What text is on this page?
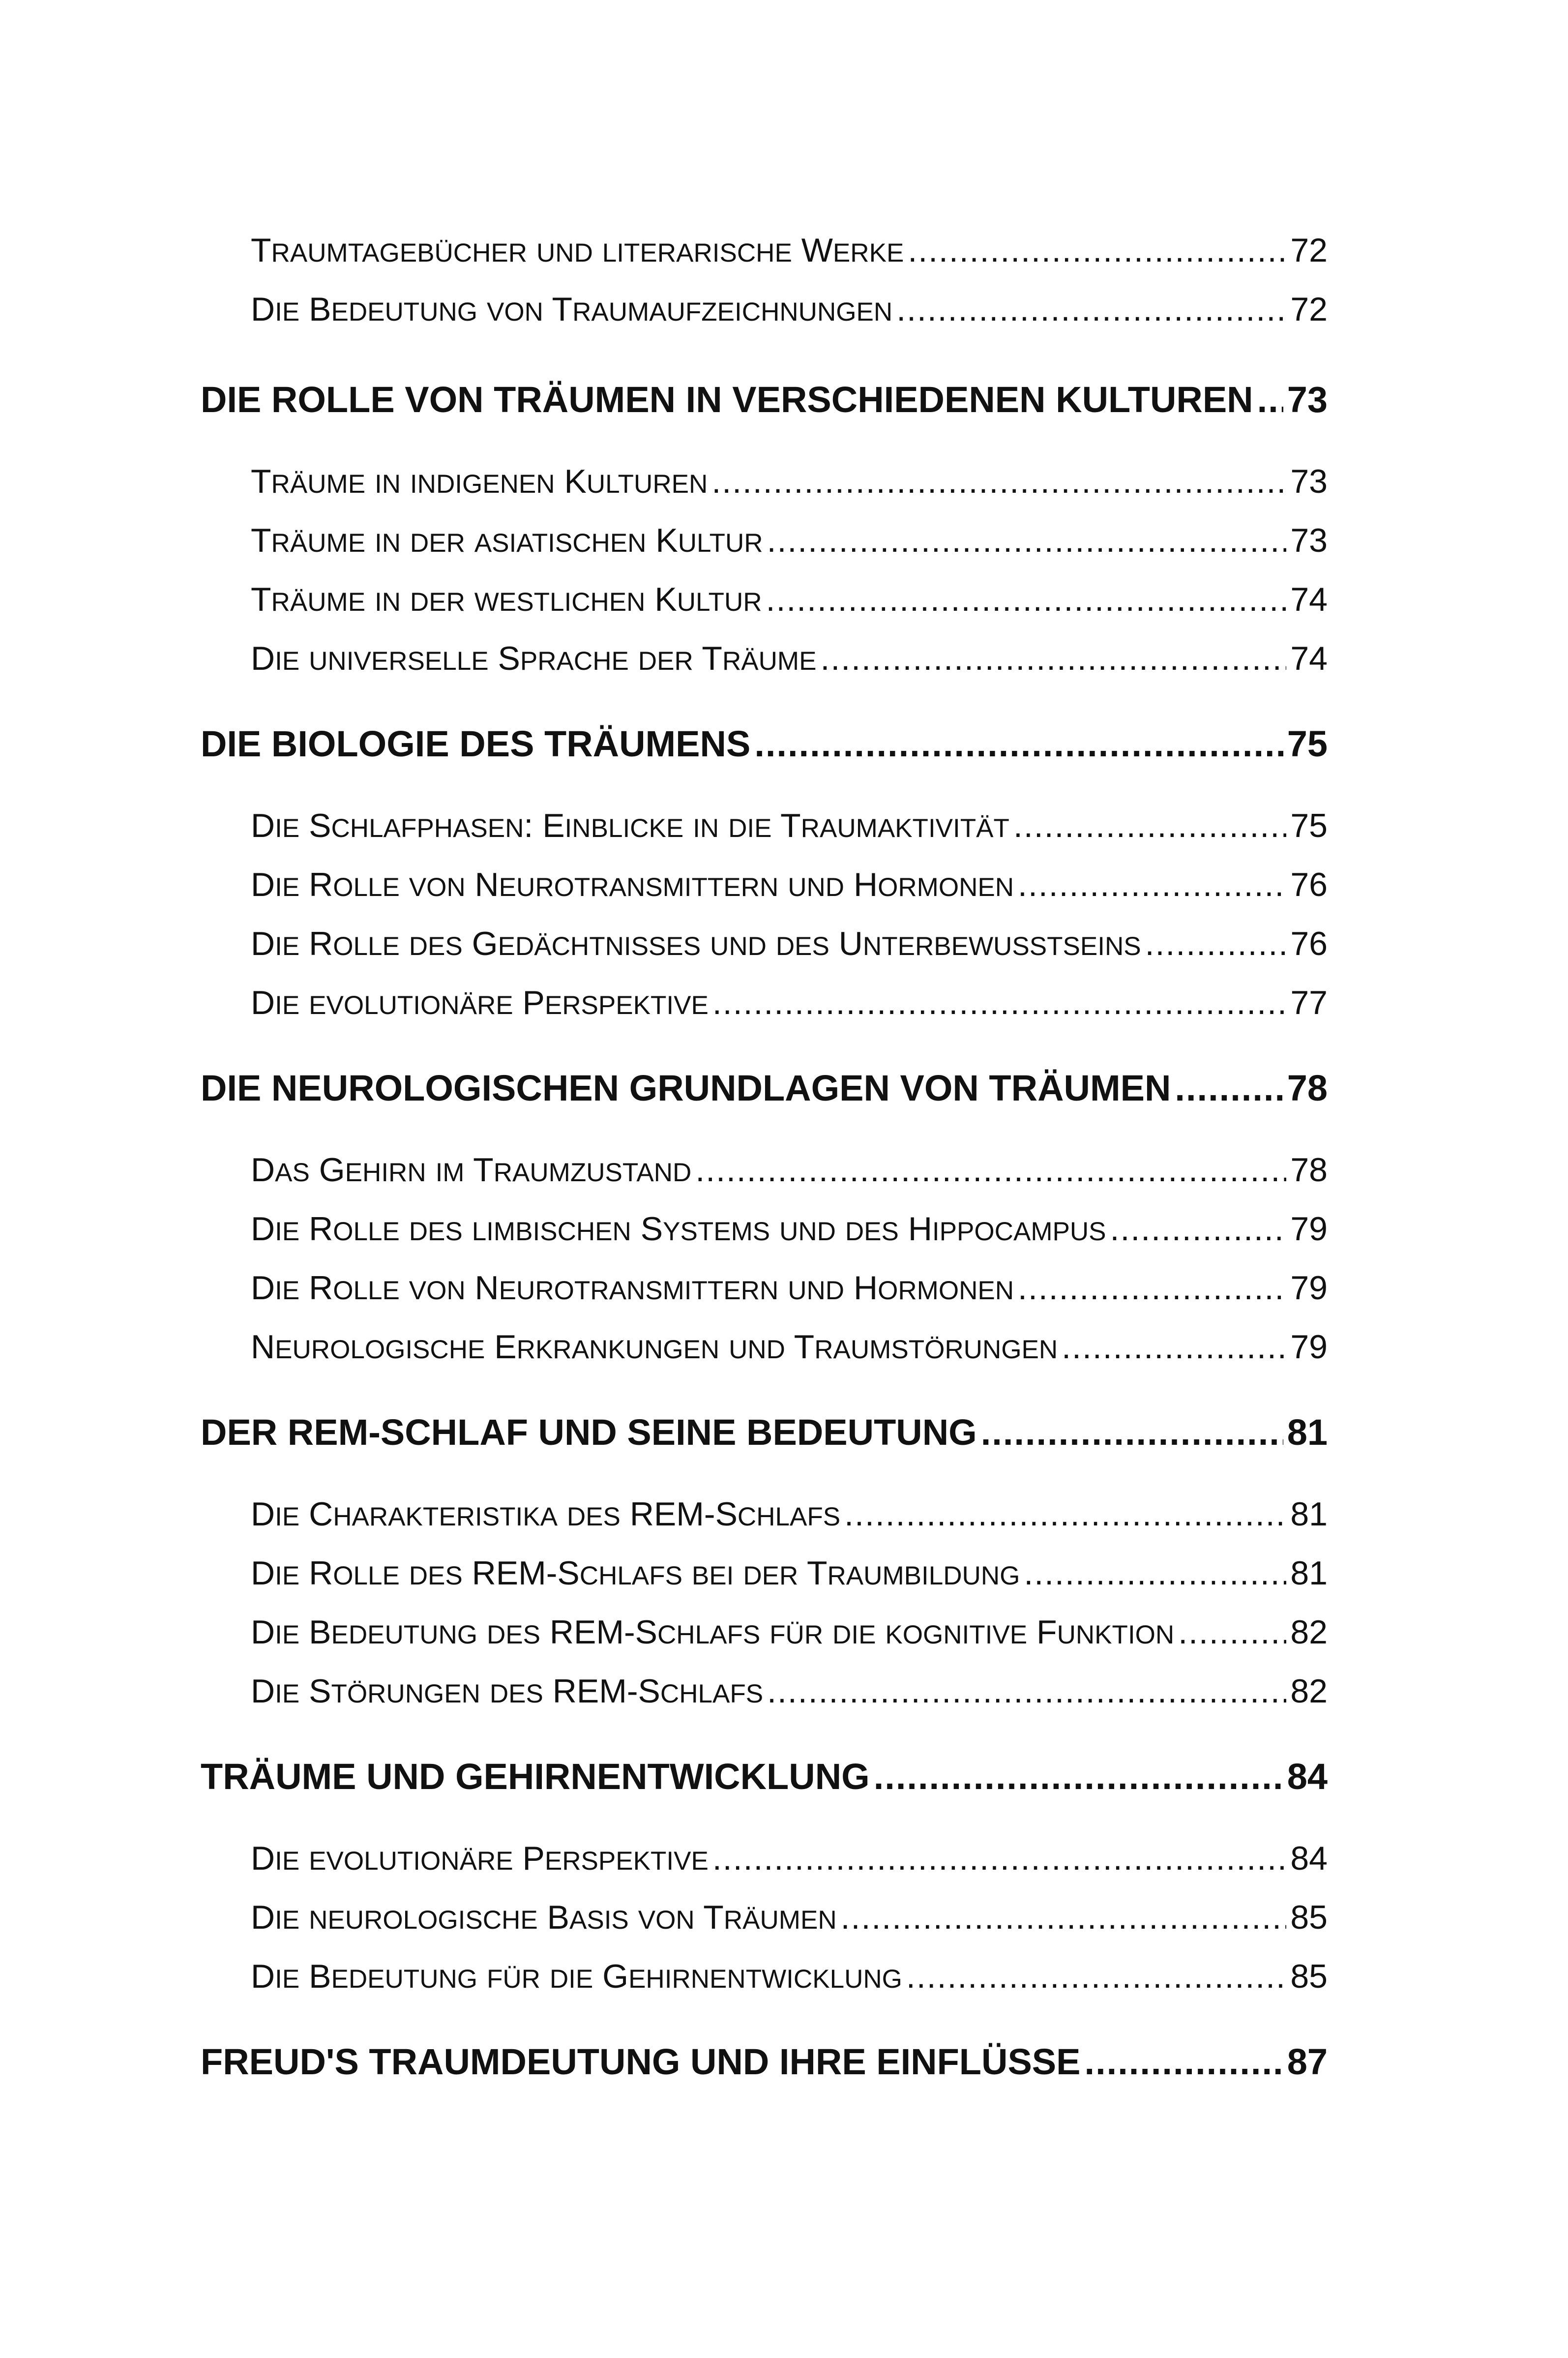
TRAUMTAGEBÜCHER UND LITERARISCHE WERKE .....	72
DIE BEDEUTUNG VON TRAUMAUFZEICHNUNGEN .....	72
DIE ROLLE VON TRÄUMEN IN VERSCHIEDENEN KULTUREN ..... 73
TRÄUME IN INDIGENEN KULTUREN .....	73
TRÄUME IN DER ASIATISCHEN KULTUR .....	73
TRÄUME IN DER WESTLICHEN KULTUR .....	74
DIE UNIVERSELLE SPRACHE DER TRÄUME .....	74
DIE BIOLOGIE DES TRÄUMENS .....	75
DIE SCHLAFPHASEN: EINBLICKE IN DIE TRAUMAKTIVITÄT .....	75
DIE ROLLE VON NEUROTRANSMITTERN UND HORMONEN .....	76
DIE ROLLE DES GEDÄCHTNISSES UND DES UNTERBEWUSSTSEINS .....	76
DIE EVOLUTIONÄRE PERSPEKTIVE .....	77
DIE NEUROLOGISCHEN GRUNDLAGEN VON TRÄUMEN .....	78
DAS GEHIRN IM TRAUMZUSTAND .....	78
DIE ROLLE DES LIMBISCHEN SYSTEMS UND DES HIPPOCAMPUS .....	79
DIE ROLLE VON NEUROTRANSMITTERN UND HORMONEN .....	79
NEUROLOGISCHE ERKRANKUNGEN UND TRAUMSTÖRUNGEN .....	79
DER REM-SCHLAF UND SEINE BEDEUTUNG .....	81
DIE CHARAKTERISTIKA DES REM-SCHLAFS .....	81
DIE ROLLE DES REM-SCHLAFS BEI DER TRAUMBILDUNG .....	81
DIE BEDEUTUNG DES REM-SCHLAFS FÜR DIE KOGNITIVE FUNKTION .....	82
DIE STÖRUNGEN DES REM-SCHLAFS .....	82
TRÄUME UND GEHIRNENTWICKLUNG .....	84
DIE EVOLUTIONÄRE PERSPEKTIVE .....	84
DIE NEUROLOGISCHE BASIS VON TRÄUMEN .....	85
DIE BEDEUTUNG FÜR DIE GEHIRNENTWICKLUNG .....	85
FREUD'S TRAUMDEUTUNG UND IHRE EINFLÜSSE .....	87
